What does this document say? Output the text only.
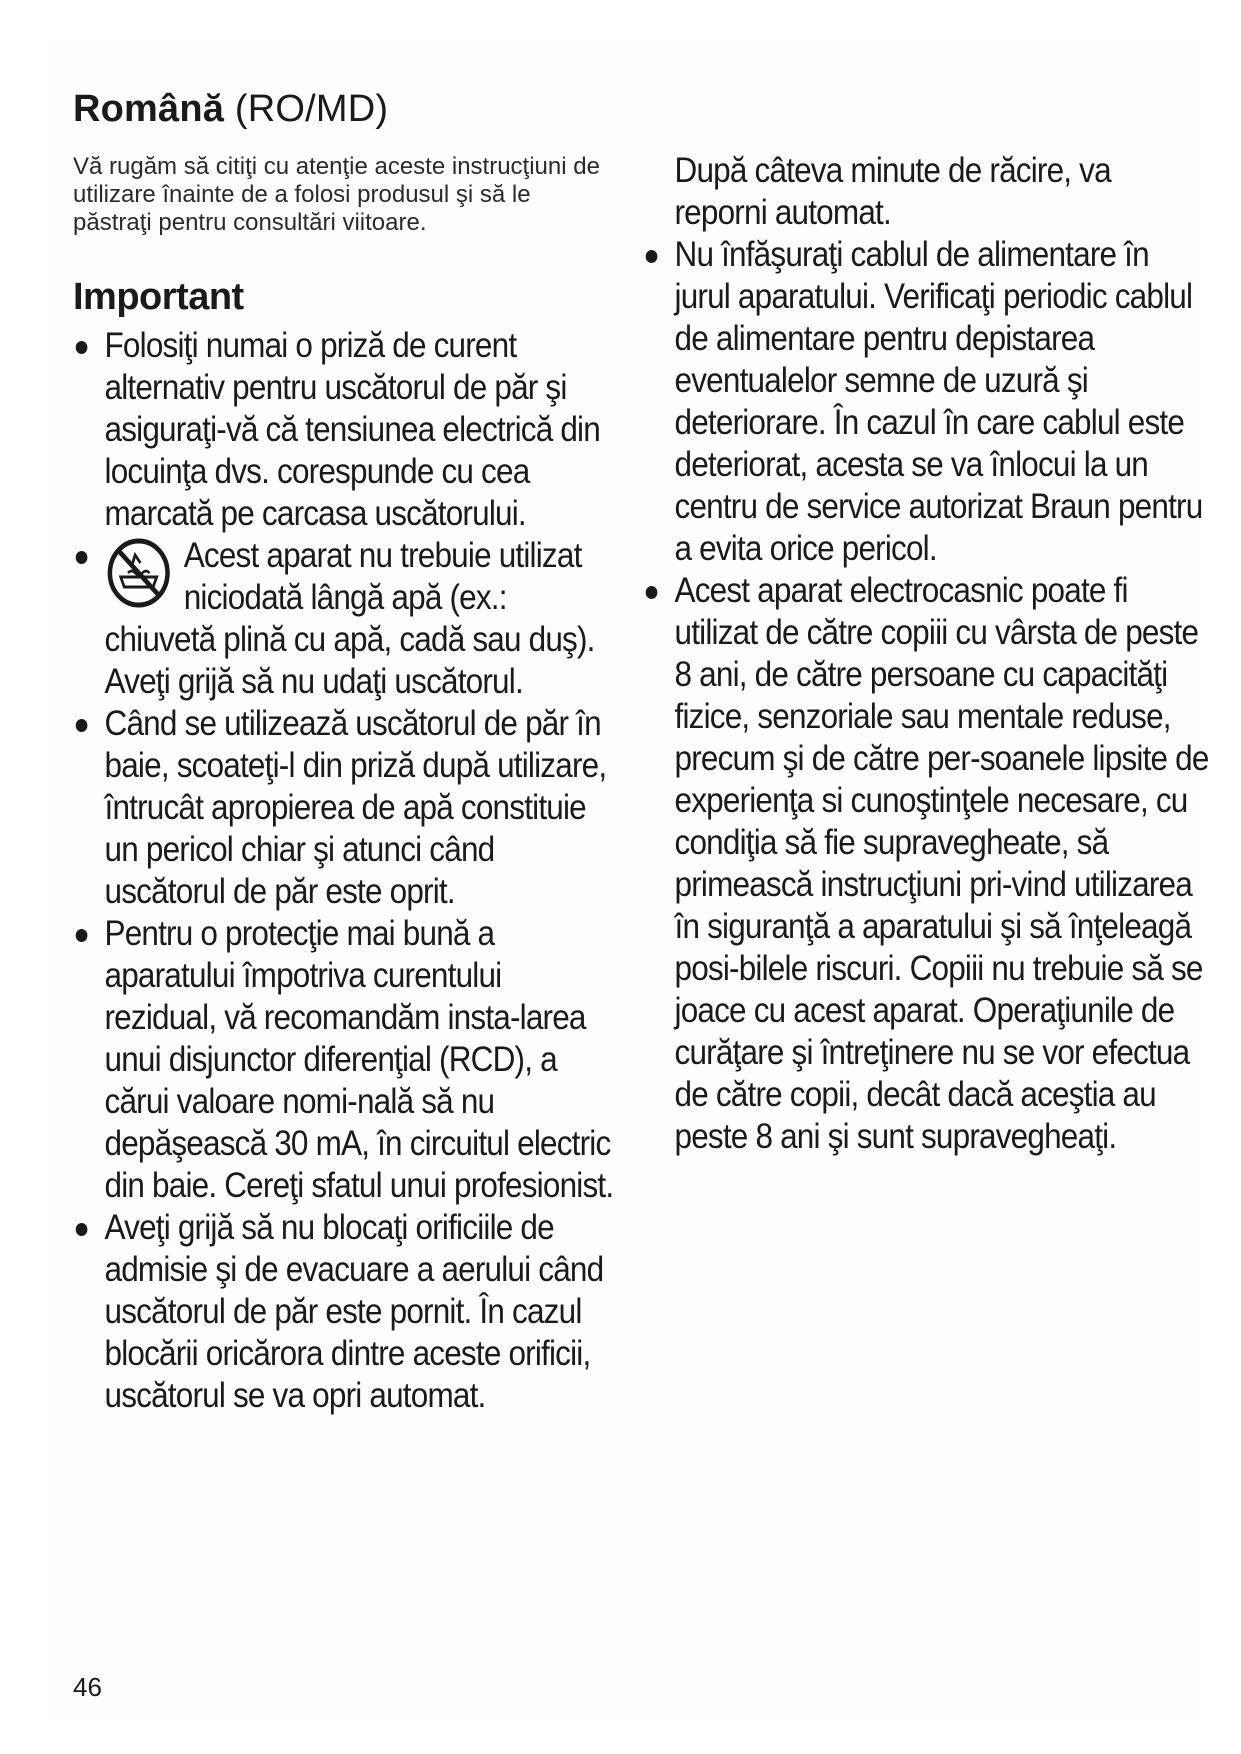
Română (RO/MD)

Vă rugăm să citiţi cu atenţie aceste instrucţiuni de utilizare înainte de a folosi produsul şi să le păstraţi pentru consultări viitoare.

Important
Folosiţi numai o priză de curent alternativ pentru uscătorul de păr şi asiguraţi-vă că tensiunea electrică din locuinţa dvs. corespunde cu cea marcată pe carcasa uscătorului.
Acest aparat nu trebuie utilizat niciodată lângă apă (ex.: chiuvetă plină cu apă, cadă sau duş). Aveţi grijă să nu udaţi uscătorul.
Când se utilizează uscătorul de păr în baie, scoateţi-l din priză după utilizare, întrucât apropierea de apă constituie un pericol chiar şi atunci când uscătorul de păr este oprit.
Pentru o protecţie mai bună a aparatului împotriva curentului rezidual, vă recomandăm insta-larea unui disjunctor diferenţial (RCD), a cărui valoare nomi-nală să nu depăşească 30 mA, în circuitul electric din baie. Cereţi sfatul unui profesionist.
Aveţi grijă să nu blocaţi orificiile de admisie şi de evacuare a aerului când uscătorul de păr este pornit. În cazul blocării oricărora dintre aceste orificii, uscătorul se va opri automat.
După câteva minute de răcire, va reporni automat.
Nu înfăşuraţi cablul de alimentare în jurul aparatului. Verificaţi periodic cablul de alimentare pentru depistarea eventualelor semne de uzură şi deteriorare. În cazul în care cablul este deteriorat, acesta se va înlocui la un centru de service autorizat Braun pentru a evita orice pericol.
Acest aparat electrocasnic poate fi utilizat de către copiii cu vârsta de peste 8 ani, de către persoane cu capacităţi fizice, senzoriale sau mentale reduse, precum şi de către per-soanele lipsite de experienţa si cunoştinţele necesare, cu condiţia să fie supravegheate, să primească instrucţiuni pri-vind utilizarea în siguranţă a aparatului şi să înţeleagă posi-bilele riscuri. Copiii nu trebuie să se joace cu acest aparat. Operaţiunile de curăţare şi întreţinere nu se vor efectua de către copii, decât dacă aceştia au peste 8 ani şi sunt supravegheaţi.
46
